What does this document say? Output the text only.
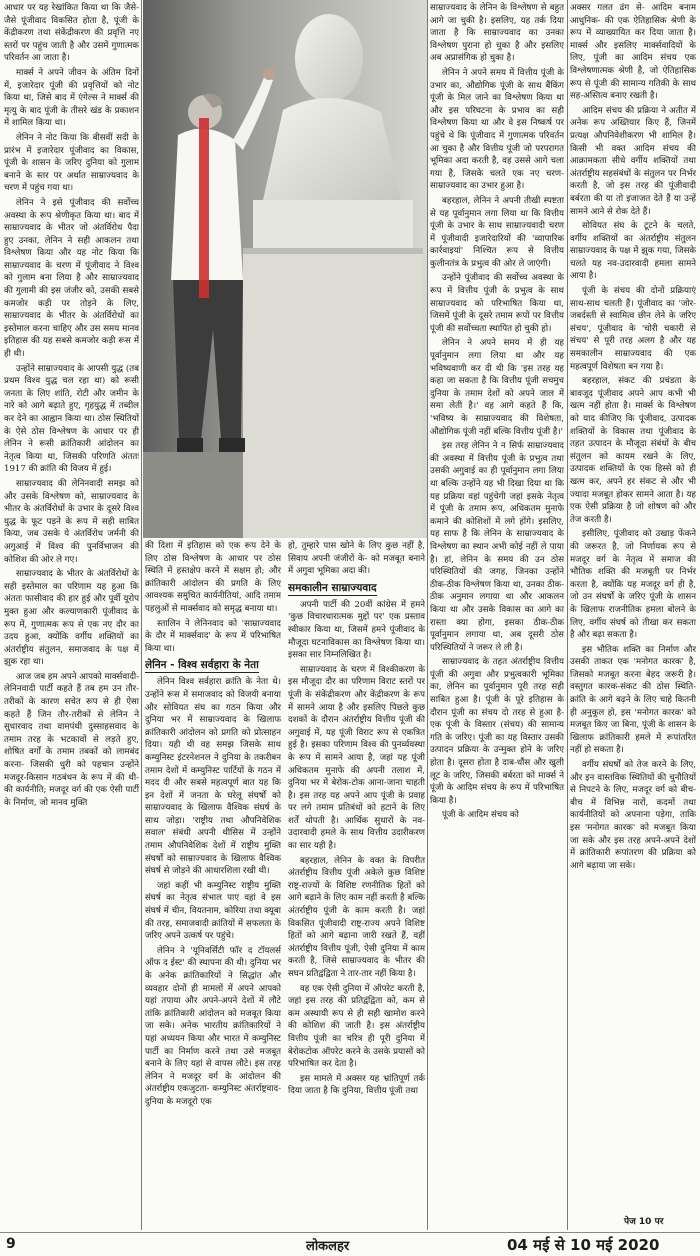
आधार पर यह रेखांकित किया था कि जैसे-जैसे पूंजीवाद विकसित होता है, पूंजी के केंद्रीकरण तथा संकेंद्रीकरण की प्रवृत्ति नए स्तरों पर पहुंच जाती है और उसमें गुणात्मक परिवर्तन आ जाता है।

मार्क्स ने अपने जीवन के अंतिम दिनों में, इजारेदार पूंजी की प्रवृत्तियों को नोट किया था, जिसे बाद में एंगेल्स ने मार्क्स की मृत्यु के बाद पूंजी के तीसरे खंड के प्रकाशन में शामिल किया था।

लेनिन ने नोट किया कि बीसवीं सदी के प्रारंभ में इजारेदार पूंजीवाद का विकास, पूंजी के शासन के जरिए दुनिया को गुलाम बनाने के स्तर पर अर्थात साम्राज्यवाद के चरण में पहुंच गया था।

लेनिन ने इसे पूंजीवाद की सर्वोच्च अवस्था के रूप श्रेणीकृत किया था। बाद में साम्राज्यवाद के भीतर जो अंतर्विरोध पैदा हुए उनका, लेनिन ने सही आकलन तथा विश्लेषण किया और यह नोट किया कि साम्राज्यवाद के चरण में पूंजीवाद ने विश्व को गुलाम बना लिया है और साम्राज्यवाद की गुलामी की इस जंजीर को, उसकी सबसे कमजोर कड़ी पर तोड़ने के लिए, साम्राज्यवाद के भीतर के अंतर्विरोधों का इस्तेमाल करना चाहिए और उस समय मानव इतिहास की यह सबसे कमजोर कड़ी रूस में ही थी।

उन्होंने साम्राज्यवाद के आपसी युद्ध (तब प्रथम विश्व युद्ध चल रहा था) को रूसी जनता के लिए शांति, रोटी और जमीन के नारे को आगे बढ़ाते हुए, गृहयुद्ध में तब्दील कर देने का आह्वान किया था। ठोस स्थितियों के ऐसे ठोस विश्लेषण के आधार पर ही लेनिन ने रूसी क्रांतिकारी आंदोलन का नेतृत्व किया था, जिसकी परिणति अंततः 1917 की क्रांति की विजय में हुई।

साम्राज्यवाद की लेनिनवादी समझ को और उसके विश्लेषण को, साम्राज्यवाद के भीतर के अंतर्विरोधों के उभार के दूसरे विश्व युद्ध के फूट पड़ने के रूप में सही साबित किया, जब उसके ये अंतर्विरोध जर्मनी की अगुआई में विश्व की पुनर्विभाजन की कोशिश की ओर ले गए।

साम्राज्यवाद के भीतर के अंतर्विरोधों के सही इस्तेमाल का परिणाम यह हुआ कि अंततः फासीवाद की हार हुई और पूर्वी यूरोप मुक्त हुआ और कल्याणकारी पूंजीवाद के रूप में, गुणात्मक रूप से एक नए दौर का उदय हुआ, क्योंकि वर्गीय शक्तियों का अंतर्राष्ट्रीय संतुलन, समाजवाद के पक्ष में झुक रहा था।

आज जब हम अपने आपको मार्क्सवादी-लेनिनवादी पार्टी कहते हैं तब हम उन तौर-तरीकों के कारण सचेत रूप से ही ऐसा कहते हैं जिन तौर-तरीकों से लेनिन ने सुधारवाद तथा वामपंथी दुस्साहसवाद के तमाम तरह के भटकावों से लड़ते हुए, शोषित वर्गों के तमाम तबकों को लामबंद करना- जिसकी धुरी को पहचान उन्होंने मजदूर-किसान गठबंधन के रूप में की थी- की कार्यनीति; मजदूर वर्ग की एक ऐसी पार्टी के निर्माण, जो मानव मुक्ति

की दिशा में इतिहास को एक रूप देने के लिए ठोस विश्लेषण के आधार पर ठोस स्थिति में हस्तक्षेप करने में सक्षम हो; और क्रांतिकारी आंदोलन की प्रगति के लिए आवश्यक समुचित कार्यनीतियां, आदि तमाम पहलुओं से मार्क्सवाद को समृद्ध बनाया था।

स्तालिन ने लेनिनवाद को 'साम्राज्यवाद के दौर में मार्क्सवाद' के रूप में परिभाषित किया था।

लेनिन - विश्व सर्वहारा के नेता

लेनिन विश्व सर्वहारा क्रांति के नेता थे। उन्होंने रूस में समाजवाद को विजयी बनाया और सोवियत संघ का गठन किया और दुनिया भर में साम्राज्यवाद के खिलाफ क्रांतिकारी आंदोलन को प्रगति को प्रोत्साहन दिया। यही थी वह समझ जिसके साथ कम्युनिस्ट इंटरनेशनल ने दुनिया के तकरीबन तमाम देशों में कम्युनिस्ट पार्टियों के गठन में मदद दी और सबसे महत्वपूर्ण बात यह कि इन देशों में जनता के घरेलू संघर्षों को साम्राज्यवाद के खिलाफ वैश्विक संघर्ष के साथ जोड़ा। 'राष्ट्रीय तथा औपनिवेशिक सवाल' संबंधी अपनी थीसिस में उन्होंने तमाम औपनिवेशिक देशों में राष्ट्रीय मुक्ति संघर्षों को साम्राज्यवाद के खिलाफ वैश्विक संघर्ष से जोड़ने की आधारशिला रखी थी।

जहां कहीं भी कम्युनिस्ट राष्ट्रीय मुक्ति संघर्ष का नेतृत्व संभाल पाए वहां वे इस संघर्ष में चीन, वियतनाम, कोरिया तथा क्यूबा की तरह, समाजवादी क्रांतियों में सफलता के जरिए अपने उत्कर्ष पर पहुंचे।

लेनिन ने 'यूनिवर्सिटी फॉर द टॉयलर्स ऑफ द ईस्ट' की स्थापना की थी। दुनिया भर के अनेक क्रांतिकारियों ने सिद्धांत और व्यवहार दोनों ही मामलों में अपने आपको यहां तपाया और अपने-अपने देशों में लौटे तांकि क्रांतिकारी आंदोलन को मजबूत किया जा सके। अनेक भारतीय क्रांतिकारियों ने यहां अध्ययन किया और भारत में कम्युनिस्ट पार्टी का निर्माण करने तथा उसे मजबूत बनाने के लिए यहां से वापस लौटे। इस तरह लेनिन ने मजदूर वर्ग के आंदोलन की अंतर्राष्ट्रीय एकजुटता- कम्युनिस्ट अंतर्राष्ट्रवाद- दुनिया के मजदूरो एक

हो, तुम्हारे पास खोने के लिए कुछ नहीं है, सिवाय अपनी जंजीरों के- को मजबूत बनाने में अगुवा भूमिका अदा की।

समकालीन साम्राज्यवाद

अपनी पार्टी की 20वीं कांग्रेस में हमने 'कुछ विचारधारात्मक मुद्दों पर' एक प्रस्ताव स्वीकार किया था, जिसमें हमने पूंजीवाद के मौजूदा घटनाविकास का विश्लेषण किया था। इसका सार निम्नलिखित है।

साम्राज्यवाद के चरण में विश्कीकरण के इस मौजूदा दौर का परिणाम विराट स्तरों पर पूंजी के संकेंद्रीकरण और केंद्रीकरण के रूप में सामने आया है और इसलिए पिछले कुछ दशकों के दौरान अंतर्राष्ट्रीय वित्तीय पूंजी की अगुवाई में, यह पूंजी विराट रूप से एकत्रित हुई है। इसका परिणाम विश्व की पुनर्व्यवस्था के रूप में सामने आया है, जहां यह पूंजी अधिकतम मुनाफे की अपनी तलाश में, दुनिया भर में बेरोक-टोक आना-जाना चाहती है। इस तरह यह अपने आप पूंजी के प्रवाह पर लगे तमाम प्रतिबंधों को हटाने के लिए शर्तें थोपती है। आर्थिक सुधारों के नव-उदारवादी हमले के साथ वित्तीय उदारीकरण का सार यही है।

बहरहाल, लेनिन के वक्त के विपरीत अंतर्राष्ट्रीय वित्तीय पूंजी अकेले कुछ विशिष्ट राष्ट्र-राज्यों के विशिष्ट रणनीतिक हितों को आगे बढ़ाने के लिए काम नहीं करती है बल्कि अंतर्राष्ट्रीय पूंजी के काम करती है। जहां विकसित पूंजीवादी राष्ट्र-राज्य अपने विशिष्ट हितों को आगे बढ़ाना जारी रखते हैं, वहीं अंतर्राष्ट्रीय वित्तीय पूंजी, ऐसी दुनिया में काम करती है, जिसे साम्राज्यवाद के भीतर की सघन प्रतिद्वंद्विता ने तार-तार नहीं किया है।

वह एक ऐसी दुनिया में ऑपरेट करती है, जहां इस तरह की प्रतिद्वंद्विता को, कम से कम अस्थायी रूप से ही सही खामोश करने की कोशिश की जाती है। इस अंतर्राष्ट्रीय वित्तीय पूंजी का चरित्र ही पूरी दुनिया में बेरोकटोक ऑपरेट करने के उसके प्रयासों को परिभाषित कर देता है।

इस मामले में अक्सर यह भ्रांतिपूर्ण तर्क दिया जाता है कि दुनिया, वित्तीय पूंजी तथा

साम्राज्यवाद के लेनिन के विश्लेषण से बहुत आगे जा चुकी है। इसलिए, यह तर्क दिया जाता है कि साम्राज्यवाद का उनका विश्लेषण पुराना हो चुका है और इसलिए अब अप्रासंगिक हो चुका है।

लेनिन ने अपने समय में वित्तीय पूंजी के उभार का, औद्योगिक पूंजी के साथ बैंकिंग पूंजी के मिल जाने का विश्लेषण किया था और इस परिघटना के प्रभाव का सही विश्लेषण किया था और वे इस निष्कर्ष पर पहुंचे थे कि पूंजीवाद में गुणात्मक परिवर्तन आ चुका है और वित्तीय पूंजी जो परपरागत भूमिका अदा करती है, वह उससे आगे चला गया है, जिसके चलते एक नए चरण-साम्राज्यवाद का उभार हुआ है।

बहरहाल, लेनिन ने अपनी तीखी स्पष्टता से यह पूर्वानुमान लगा लिया था कि वित्तीय पूंजी के उभार के साथ साम्राज्यवादी चरण में पूंजीवादी इजारेदारियों की 'व्यापारिक कार्रवाइयां' निश्चित रूप से वित्तीय कुलीनतंत्र के प्रभुत्व की ओर ले जाएंगी।

उन्होंने पूंजीवाद की सर्वोच्च अवस्था के रूप में वित्तीय पूंजी के प्रभुत्व के साथ साम्राज्यवाद को परिभाषित किया था, जिसमें पूंजी के दूसरे तमाम रूपों पर वित्तीय पूंजी की सर्वोच्चता स्थापित हो चुकी हो।

लेनिन ने अपने समय में ही यह पूर्वानुमान लगा लिया था और यह भविष्यवाणी कर दी थी कि 'इस तरह यह कहा जा सकता है कि वित्तीय पूंजी सचमुच दुनिया के तमाम देशों को अपने जाल में समा लेती है।' वह आगे कहते हैं कि, 'भविष्य के साम्राज्यवाद की विशेषता, औद्योगिक पूंजी नहीं बल्कि वित्तीय पूंजी है।'

इस तरह लेनिन ने न सिर्फ साम्राज्यवाद की अवस्था में वित्तीय पूंजी के प्रभुत्व तथा उसकी अगुवाई का ही पूर्वानुमान लगा लिया था बल्कि उन्होंने यह भी दिखा दिया था कि यह प्रक्रिया वहां पहुंचेगी जहां इसके नेतृत्व में पूंजी के तमाम रूप, अधिकतम मुनाफे कमाने की कोशिशों में लगे होंगे। इसलिए, यह साफ है कि लेनिन के साम्राज्यवाद के विश्लेषण का स्थान अभी कोई नहीं ले पाया है। हां, लेनिन के समय की उन ठोस परिस्थितियों की जगह, जिनका उन्होंने ठीक-ठीक विश्लेषण किया था, उनका ठीक-ठीक अनुमान लगाया था और आकलन किया था और उसके विकास का आगे का रास्ता क्या होगा, इसका ठीक-ठीक पूर्वानुमान लगाया था, अब दूसरी ठोस परिस्थितियों ने जरूर ले ली है।

साम्राज्यवाद के तहत अंतर्राष्ट्रीय वित्तीय पूंजी की अगुवा और प्रभुत्वकारी भूमिका का, लेनिन का पूर्वानुमान पूरी तरह सही साबित हुआ है। पूंजी के पूरे इतिहास के दौरान पूंजी का संचय दो तरह से हुआ है- एक पूंजी के विस्तार (संचय) की सामान्य गति के जरिए। पूंजी का यह विस्तार उसकी उत्पादन प्रक्रिया के उन्मुक्त होने के जरिए होता है। दूसरा होता है दाब-धौंस और खुली लूट के जरिए, जिसकी बर्बरता को मार्क्स ने पूंजी के आदिम संचय के रूप में परिभाषित किया है।

पूंजी के आदिम संचय को

अक्सर गलत ढंग से- आदिम बनाम आधुनिक- की एक ऐतिहासिक श्रेणी के रूप में व्याख्यायित कर दिया जाता है। मार्क्स और इसलिए मार्क्सवादियों के लिए, पूंजी का आदिम संचय एक विश्लेषणात्मक श्रेणी है, जो ऐतिहासिक रूप से पूंजी की सामान्य गतिकी के साथ सह-अस्तित्व बनाए रखती है।

आदिम संचय की प्रक्रिया ने अतीत में अनेक रूप अख्तियार किए हैं, जिनमें प्रत्यक्ष औपनिवेशीकरण भी शामिल है। किसी भी वक्त आदिम संचय की आक्रामकता सीधे वर्गीय शक्तियों तथा अंतर्राष्ट्रीय सहसंबंधों के संतुलन पर निर्भर करती है, जो इस तरह की पूंजीवादी बर्बरता की या तो इजाजत देते हैं या उन्हें सामने आने से रोक देते हैं।

सोवियत संघ के टूटने के चलते, वर्गीय शक्तियों का अंतर्राष्ट्रीय संतुलन साम्राज्यवाद के पक्ष में झुक गया, जिसके चलते यह नव-उदारवादी हमला सामने आया है।

पूंजी के संचय की दोनों प्रक्रियाएं साथ-साथ चलती हैं। पूंजीवाद का 'जोर-जबर्दस्ती से स्वामित्व छीन लेने के जरिए संचय', पूंजीवाद के 'चोरी चकारी से संचय' से पूरी तरह अलग है और यह समकालीन साम्राज्यवाद की एक महत्वपूर्ण विशेषता बन गया है।

बहरहाल, संकट की प्रचंडता के बावजूद पूंजीवाद अपने आप कभी भी खत्म नहीं होता है। मार्क्स के विश्लेषण को याद कीजिए कि पूंजीवाद, उत्पादक शक्तियों के विकास तथा पूंजीवाद के तहत उत्पादन के मौजूदा संबंधों के बीच संतुलन को कायम रखने के लिए, उत्पादक शक्तियों के एक हिस्से को ही खत्म कर, अपने हर संकट से और भी ज्यादा मजबूत होकर सामने आता है। यह एक ऐसी प्रक्रिया है जो शोषण को और तेज करती है।

इसीलिए, पूंजीवाद को उखाड़ फेंकने की जरूरत है, जो निर्णायक रूप से मजदूर वर्ग के नेतृत्व में समाज की भौतिक शक्ति की मजबूती पर निर्भर करता है, क्योंकि यह मजदूर वर्ग ही है, जो उन संघर्षों के जरिए पूंजी के शासन के खिलाफ राजनीतिक हमला बोलने के लिए, वर्गीय संघर्ष को तीखा कर सकता है और बढ़ा सकता है।

इस भौतिक शक्ति का निर्माण और उसकी ताकत एक 'मनोगत कारक' है, जिसको मजबूत करना बेहद जरूरी है। वस्तुगत कारक-संकट की ठोस स्थिति- क्रांति के आगे बढ़ने के लिए चाहे कितनी ही अनुकूल हो, इस 'मनोगत कारक' को मजबूत किए जा बिना, पूंजी के शासन के खिलाफ क्रांतिकारी हमले में रूपांतरित नहीं हो सकता है।

वर्गीय संघर्षों को तेज करने के लिए, और इन वास्तविक स्थितियों की चुनौतियों से निपटने के लिए, मजदूर वर्ग को बीच-बीच में विभिन्न नारों, कदमों तथा कार्यनीतियों को अपनाना पड़ेगा, ताकि इस 'मनोगत कारक' को मजबूत किया जा सके और इस तरह अपने-अपने देशों में क्रांतिकारी रूपांतरण की प्रक्रिया को आगे बढ़ाया जा सके।

पेज 10 पर
9	लोकलहर	04 मई से 10 मई 2020
